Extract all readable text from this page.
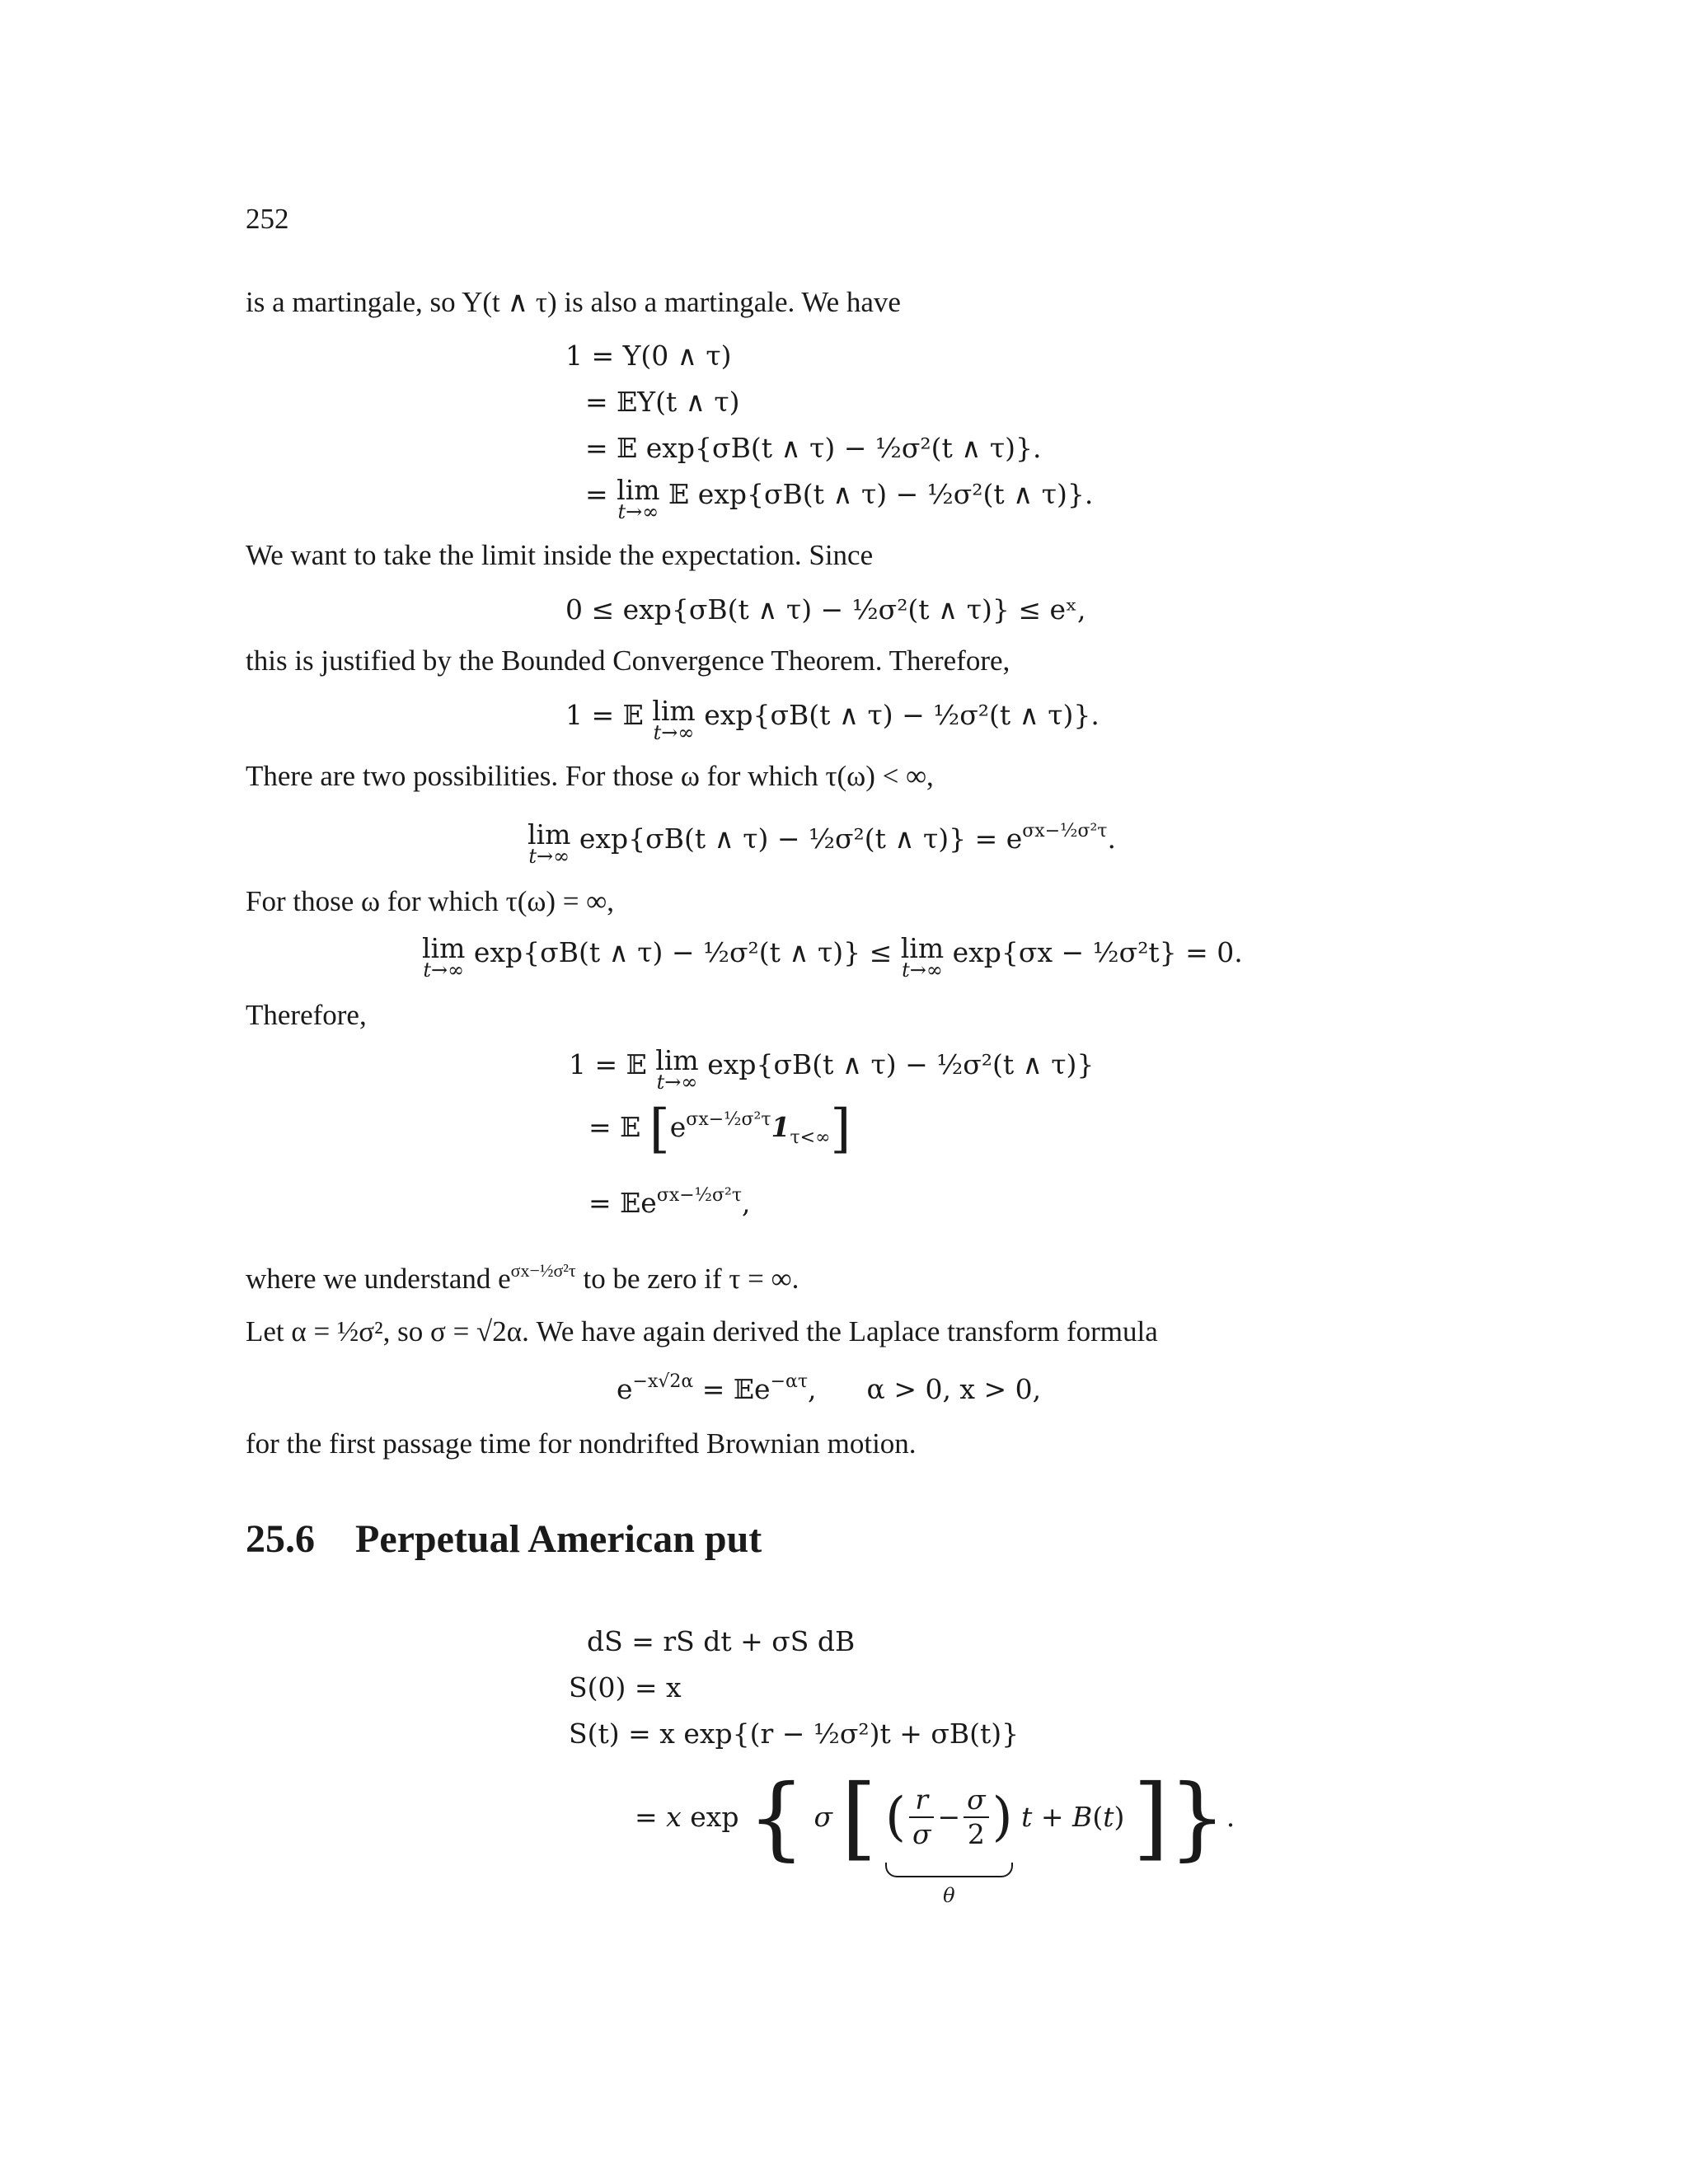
252
is a martingale, so Y(t ∧ τ) is also a martingale. We have
1 = Y(0 ∧ τ)
= 𝔼Y(t ∧ τ)
= 𝔼 exp{σB(t ∧ τ) − ½σ²(t ∧ τ)}.
= lim
t→∞
𝔼 exp{σB(t ∧ τ) − ½σ²(t ∧ τ)}.
We want to take the limit inside the expectation. Since
0 ≤ exp{σB(t ∧ τ) − ½σ²(t ∧ τ)} ≤ eˣ,
this is justified by the Bounded Convergence Theorem. Therefore,
1 = 𝔼 lim
t→∞
exp{σB(t ∧ τ) − ½σ²(t ∧ τ)}.
There are two possibilities. For those ω for which τ(ω) < ∞,
lim
t→∞
exp{σB(t ∧ τ) − ½σ²(t ∧ $\tau)\} = e^{\sigma x-\frac{1}{2}\sigma^2\tau}$.
For those ω for which τ(ω) = ∞,
lim
t→∞
exp{σB(t ∧ τ) − ½σ²(t ∧ τ)} ≤ lim
t→∞
exp{σx − ½σ²t} = 0.
Therefore,
1 = 𝔼 lim
t→∞
exp{σB(t ∧ τ) − ½σ²(t ∧ τ)}
= 𝔼 $[e^{\sigma x-\frac{1}{2}\sigma^2\tau}1_{\tau<\infty}]$
= 𝔼e$^{\sigma x-\frac{1}{2}\sigma^2\tau}$,
where we understand $e^{\sigma x-\frac{1}{2}\sigma^2\tau}$ to be zero if τ = ∞.
Let α = ½σ², so σ = √2α. We have again derived the Laplace transform formula
$e^{-x√2\alpha}$ = 𝔼e$^{-\alpha\tau}$, α > 0, x > 0,
for the first passage time for nondrifted Brownian motion.
25.6 Perpetual American put
dS = rS dt + σS dB
S(0) = x
S(t) = x exp{(r − ½σ²)t + σB(t)}
= x exp { σ [ ( $\frac{r}{\sigma} - \frac{\sigma}{2}$ )
θ
t + B(t) ]}.
